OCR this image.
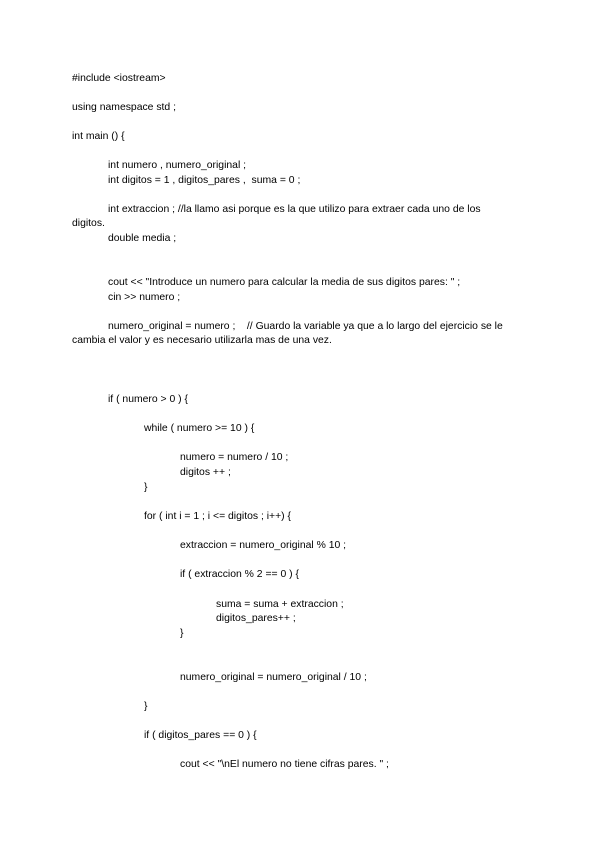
#include <iostream>
using namespace std ;
int main () {
int numero , numero_original ;
int digitos = 1 , digitos_pares ,  suma = 0 ;
int extraccion ; //la llamo asi porque es la que utilizo para extraer cada uno de los
digitos.
double media ;
cout << "Introduce un numero para calcular la media de sus digitos pares: " ;
cin >> numero ;
numero_original = numero ;    // Guardo la variable ya que a lo largo del ejercicio se le
cambia el valor y es necesario utilizarla mas de una vez.
if ( numero > 0 ) {
while ( numero >= 10 ) {
numero = numero / 10 ;
digitos ++ ;
}
for ( int i = 1 ; i <= digitos ; i++) {
extraccion = numero_original % 10 ;
if ( extraccion % 2 == 0 ) {
suma = suma + extraccion ;
digitos_pares++ ;
}
numero_original = numero_original / 10 ;
}
if ( digitos_pares == 0 ) {
cout << "\nEl numero no tiene cifras pares. " ;
